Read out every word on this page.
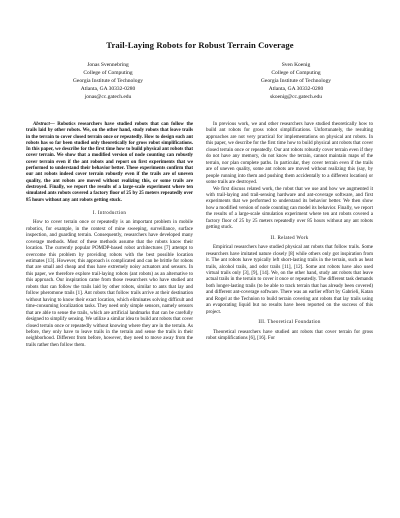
Trail-Laying Robots for Robust Terrain Coverage
Jonas Svennebring
College of Computing
Georgia Institute of Technology
Atlanta, GA 30332-0280
jonas@cc.gatech.edu
Sven Koenig
College of Computing
Georgia Institute of Technology
Atlanta, GA 30332-0280
skoenig@cc.gatech.edu

Abstract— Robotics researchers have studied robots that can follow the trails laid by other robots. We, on the other hand, study robots that leave trails in the terrain to cover closed terrain once or repeatedly. How to design such ant robots has so far been studied only theoretically for gross robot simplifications. In this paper, we describe for the first time how to build physical ant robots that cover terrain. We show that a modified version of node counting can robustly cover terrain even if the ant robots and report on first experiments that we performed to understand their behavior better. These experiments confirm that our ant robots indeed cover terrain robustly even if the trails are of uneven quality, the ant robots are moved without realizing this, or some trails are destroyed. Finally, we report the results of a large-scale experiment where ten simulated ants robots covered a factory floor of 25 by 25 meters repeatedly over 85 hours without any ant robots getting stuck.

I. Introduction

How to cover terrain once or repeatedly is an important problem in mobile robotics, for example, in the context of mine sweeping, surveillance, surface inspection, and guarding terrain. Consequently, researchers have developed many coverage methods. Most of these methods assume that the robots know their location. The currently popular POMDP-based robot architectures [7] attempt to overcome this problem by providing robots with the best possible location estimates [13]. However, this approach is complicated and can be brittle for robots that are small and cheap and thus have extremely noisy actuators and sensors. In this paper, we therefore explore trail-laying robots (ant robots) as an alternative to this approach. Our inspiration came from those researchers who have studied ant robots that can follow the trails laid by other robots, similar to ants that lay and follow pheromone trails [1]. Ant robots that follow trails arrive at their destination without having to know their exact location, which eliminates solving difficult and time-consuming localization tasks. They need only simple sensors, namely sensors that are able to sense the trails, which are artificial landmarks that can be carefully designed to simplify sensing. We utilize a similar idea to build ant robots that cover closed terrain once or repeatedly without knowing where they are in the terrain. As before, they only have to leave trails in the terrain and sense the trails in their neighborhood. Different from before, however, they need to move away from the trails rather then follow them.

In previous work, we and other researchers have studied theoretically how to build ant robots for gross robot simplifications. Unfortunately, the resulting approaches are not very practical for implementations on physical ant robots. In this paper, we describe for the first time how to build physical ant robots that cover closed terrain once or repeatedly. Our ant robots robustly cover terrain even if they do not have any memory, do not know the terrain, cannot maintain maps of the terrain, nor plan complete paths. In particular, they cover terrain even if the trails are of uneven quality, some ant robots are moved without realizing this (say, by people running into them and pushing them accidentally to a different location) or some trails are destroyed.

We first discuss related work, the robot that we use and how we augmented it with trail-laying and trail-sensing hardware and ant-coverage software, and first experiments that we performed to understand its behavior better. We then show how a modified version of node counting can model its behavior. Finally, we report the results of a large-scale simulation experiment where ten ant robots covered a factory floor of 25 by 25 meters repeatedly over 85 hours without any ant robots getting stuck.

II. Related Work

Empirical researchers have studied physical ant robots that follow trails. Some researchers have imitated nature closely [8] while others only got inspiration from it. The ant robots have typically left short-lasting trails in the terrain, such as heat trails, alcohol trails, and odor trails [11], [12]. Some ant robots have also used virtual trails only [3], [9], [14]. We, on the other hand, study ant robots that leave actual trails in the terrain to cover it once or repeatedly. The different task demands both longer-lasting trails (to be able to track terrain that has already been covered) and different ant-coverage software. There was an earlier effort by Gabrieli, Katan and Rogel at the Technion to build terrain covering ant robots that lay trails using an evaporating liquid but no results have been reported on the success of this project.

III. Theoretical Foundation

Theoretical researchers have studied ant robots that cover terrain for gross robot simplifications [6], [16]. For
